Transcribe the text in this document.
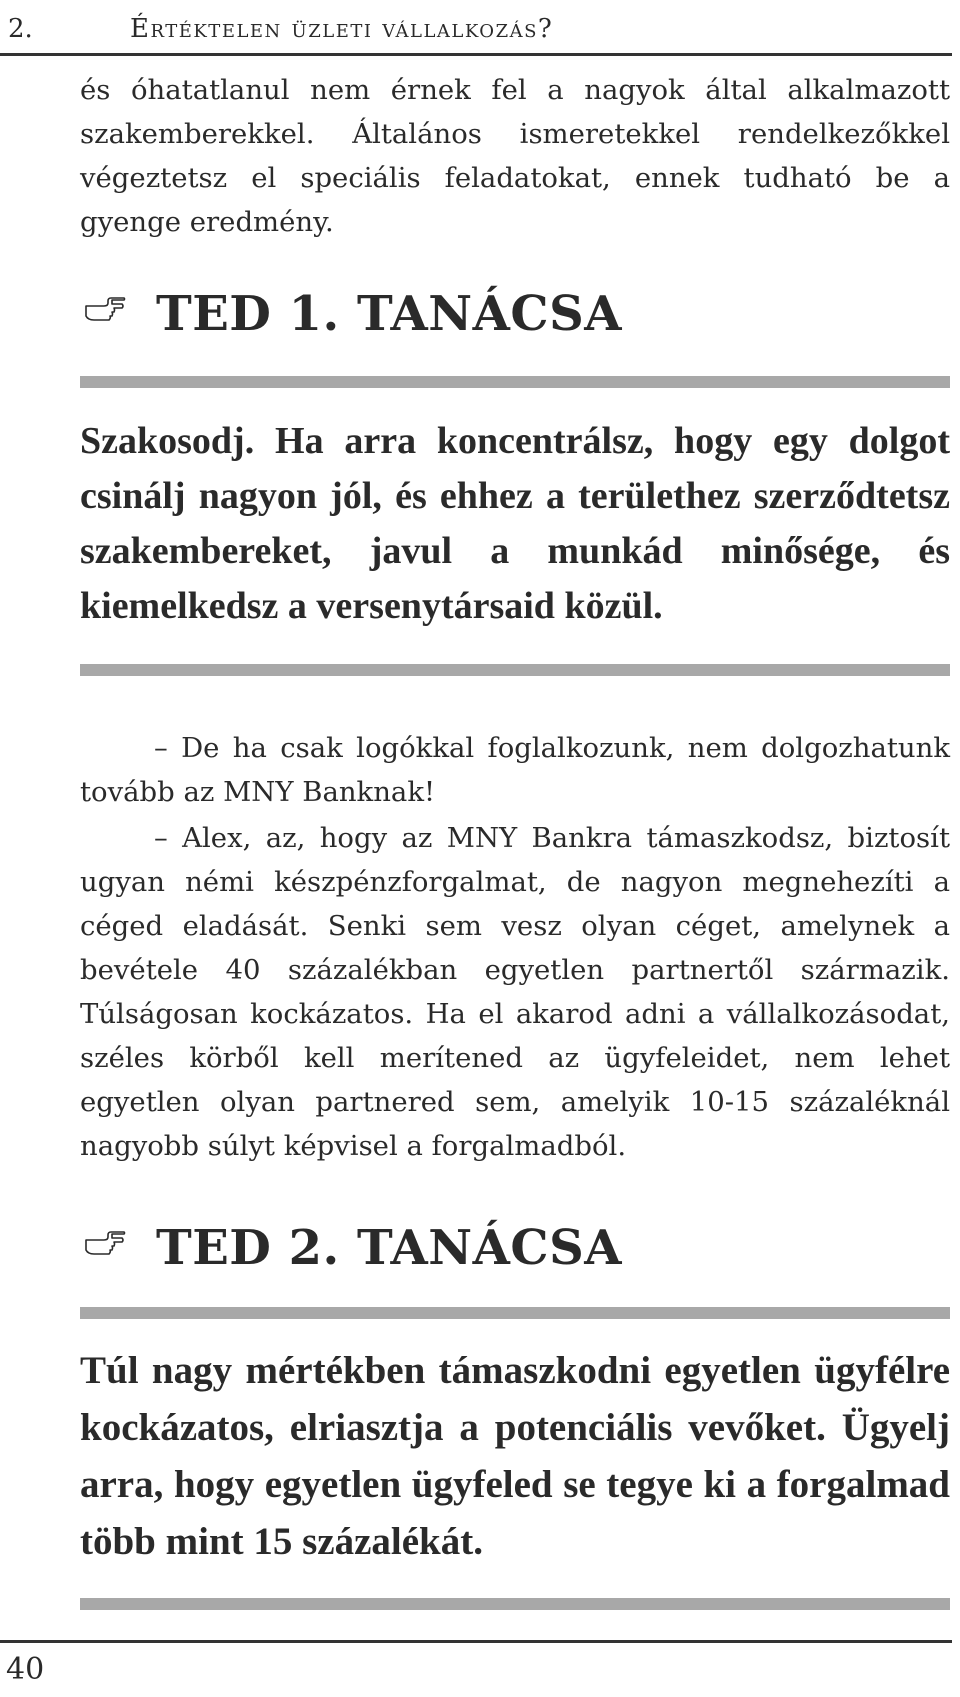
2.	Értéktelen üzleti vállalkozás?

és óhatatlanul nem érnek fel a nagyok által alkalmazott szakemberekkel. Általános ismeretekkel rendelkezőkkel végeztetsz el speciális feladatokat, ennek tudható be a gyenge eredmény.

TED 1. TANÁCSA

Szakosodj. Ha arra koncentrálsz, hogy egy dolgot csinálj nagyon jól, és ehhez a területhez szerződtetsz szakembereket, javul a munkád minősége, és kiemelkedsz a versenytársaid közül.

– De ha csak logókkal foglalkozunk, nem dolgozhatunk tovább az MNY Banknak!

– Alex, az, hogy az MNY Bankra támaszkodsz, biztosít ugyan némi készpénzforgalmat, de nagyon megnehezíti a céged eladását. Senki sem vesz olyan céget, amelynek a bevétele 40 százalékban egyetlen partnertől származik. Túlságosan kockázatos. Ha el akarod adni a vállalkozásodat, széles körből kell merítened az ügyfeleidet, nem lehet egyetlen olyan partnered sem, amelyik 10-15 százaléknál nagyobb súlyt képvisel a forgalmadból.

TED 2. TANÁCSA

Túl nagy mértékben támaszkodni egyetlen ügyfélre kockázatos, elriasztja a potenciális vevőket. Ügyelj arra, hogy egyetlen ügyfeled se tegye ki a forgalmad több mint 15 százalékát.

40
